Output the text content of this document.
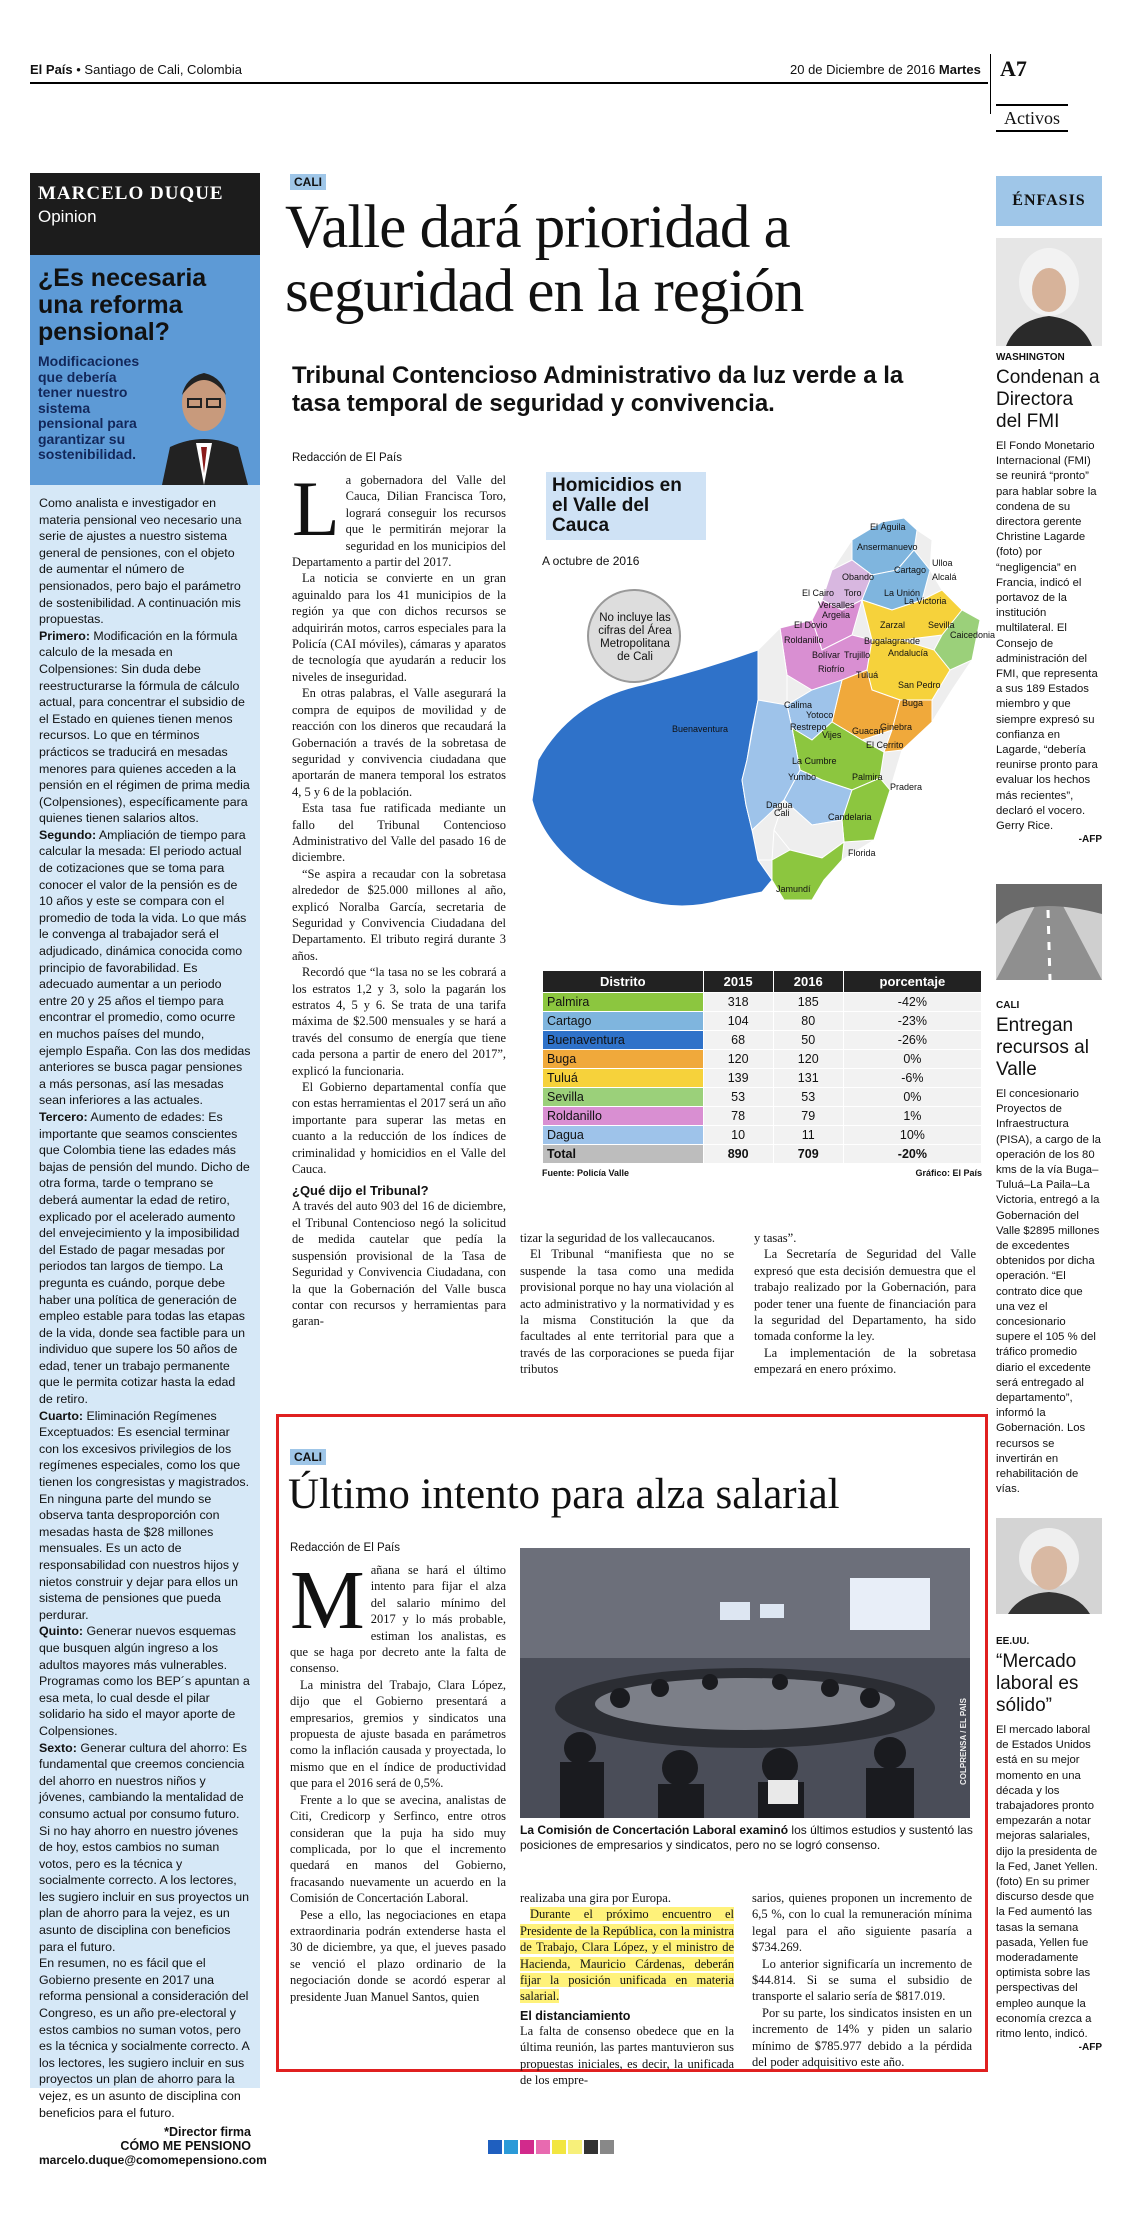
El País • Santiago de Cali, Colombia	20 de Diciembre de 2016 Martes A7
Activos
MARCELO DUQUE
Opinion
¿Es necesaria una reforma pensional?
Modificaciones que debería tener nuestro sistema pensional para garantizar su sostenibilidad.

Como analista e investigador en materia pensional veo necesario una serie de ajustes a nuestro sistema general de pensiones, con el objeto de aumentar el número de pensionados, pero bajo el parámetro de sostenibilidad. A continuación mis propuestas.

Primero: Modificación en la fórmula calculo de la mesada en Colpensiones: Sin duda debe reestructurarse la fórmula de cálculo actual, para concentrar el subsidio de el Estado en quienes tienen menos recursos. Lo que en términos prácticos se traducirá en mesadas menores para quienes acceden a la pensión en el régimen de prima media (Colpensiones), específicamente para quienes tienen salarios altos.

Segundo: Ampliación de tiempo para calcular la mesada: El periodo actual de cotizaciones que se toma para conocer el valor de la pensión es de 10 años y este se compara con el promedio de toda la vida. Lo que más le convenga al trabajador será el adjudicado, dinámica conocida como principio de favorabilidad. Es adecuado aumentar a un periodo entre 20 y 25 años el tiempo para encontrar el promedio, como ocurre en muchos países del mundo, ejemplo España. Con las dos medidas anteriores se busca pagar pensiones a más personas, así las mesadas sean inferiores a las actuales.

Tercero: Aumento de edades: Es importante que seamos conscientes que Colombia tiene las edades más bajas de pensión del mundo. Dicho de otra forma, tarde o temprano se deberá aumentar la edad de retiro, explicado por el acelerado aumento del envejecimiento y la imposibilidad del Estado de pagar mesadas por periodos tan largos de tiempo. La pregunta es cuándo, porque debe haber una política de generación de empleo estable para todas las etapas de la vida, donde sea factible para un individuo que supere los 50 años de edad, tener un trabajo permanente que le permita cotizar hasta la edad de retiro.

Cuarto: Eliminación Regímenes Exceptuados: Es esencial terminar con los excesivos privilegios de los regímenes especiales, como los que tienen los congresistas y magistrados. En ninguna parte del mundo se observa tanta desproporción con mesadas hasta de $28 millones mensuales. Es un acto de responsabilidad con nuestros hijos y nietos construir y dejar para ellos un sistema de pensiones que pueda perdurar.

Quinto: Generar nuevos esquemas que busquen algún ingreso a los adultos mayores más vulnerables. Programas como los BEP´s apuntan a esa meta, lo cual desde el pilar solidario ha sido el mayor aporte de Colpensiones.

Sexto: Generar cultura del ahorro: Es fundamental que creemos conciencia del ahorro en nuestros niños y jóvenes, cambiando la mentalidad de consumo actual por consumo futuro. Si no hay ahorro en nuestro jóvenes de hoy, estos cambios no suman votos, pero es la técnica y socialmente correcto. A los lectores, les sugiero incluir en sus proyectos un plan de ahorro para la vejez, es un asunto de disciplina con beneficios para el futuro.

En resumen, no es fácil que el Gobierno presente en 2017 una reforma pensional a consideración del Congreso, es un año pre-electoral y estos cambios no suman votos, pero es la técnica y socialmente correcto. A los lectores, les sugiero incluir en sus proyectos un plan de ahorro para la vejez, es un asunto de disciplina con beneficios para el futuro.

*Director firma
CÓMO ME PENSIONO
marcelo.duque@comomepensiono.com
CALI
Valle dará prioridad a seguridad en la región
Tribunal Contencioso Administrativo da luz verde a la tasa temporal de seguridad y convivencia.
Redacción de El País
L a gobernadora del Valle del Cauca, Dilian Francisca Toro, logrará conseguir los recursos que le permitirán mejorar la seguridad en los municipios del Departamento a partir del 2017.

La noticia se convierte en un gran aguinaldo para los 41 municipios de la región ya que con dichos recursos se adquirirán motos, carros especiales para la Policía (CAI móviles), cámaras y aparatos de tecnología que ayudarán a reducir los niveles de inseguridad.

En otras palabras, el Valle asegurará la compra de equipos de movilidad y de reacción con los dineros que recaudará la Gobernación a través de la sobretasa de seguridad y convivencia ciudadana que aportarán de manera temporal los estratos 4, 5 y 6 de la población.

Esta tasa fue ratificada mediante un fallo del Tribunal Contencioso Administrativo del Valle del pasado 16 de diciembre.

“Se aspira a recaudar con la sobretasa alrededor de $25.000 millones al año, explicó Noralba García, secretaria de Seguridad y Convivencia Ciudadana del Departamento. El tributo regirá durante 3 años.

Recordó que “la tasa no se les cobrará a los estratos 1,2 y 3, solo la pagarán los estratos 4, 5 y 6. Se trata de una tarifa máxima de $2.500 mensuales y se hará a través del consumo de energía que tiene cada persona a partir de enero del 2017”, explicó la funcionaria.

El Gobierno departamental confía que con estas herramientas el 2017 será un año importante para superar las metas en cuanto a la reducción de los índices de criminalidad y homicidios en el Valle del Cauca.

¿Qué dijo el Tribunal?

A través del auto 903 del 16 de diciembre, el Tribunal Contencioso negó la solicitud de medida cautelar que pedía la suspensión provisional de la Tasa de Seguridad y Convivencia Ciudadana, con la que la Gobernación del Valle busca contar con recursos y herramientas para garan-

Homicidios en el Valle del Cauca
A octubre de 2016
No incluye las cifras del Área Metropolitana de Cali
El Águila
Ansermanuevo
Cartago
Ulloa
Alcalá
Obando
Toro La Unión
La Victoria
Versalles
El Cairo
Argelia
El Dovio
Roldanillo
Zarzal	Sevilla
Caicedonia
Bolívar Trujillo
Bugalagrande
Andalucía
Riofrío
Tuluá
San Pedro
Buga
Calima
Yotoco
Guacarí
Ginebra
Restrepo
Vijes
El Cerrito
La Cumbre
Buenaventura
Dagua
Yumbo	Palmira
Pradera
Cali	Candelaria
Florida
Jamundí
Distrito	2015	2016	porcentaje
Palmira	318	185	-42%
Cartago	104	80	-23%
Buenaventura	68	50	-26%
Buga	120	120	0%
Tuluá	139	131	-6%
Sevilla	53	53	0%
Roldanillo	78	79	1%
Dagua	10	11	10%
Total	890	709	-20%
Fuente: Policía Valle	Gráfico: El País

tizar la seguridad de los vallecaucanos.

El Tribunal “manifiesta que no se suspende la tasa como una medida provisional porque no hay una violación al acto administrativo y la normatividad y es la misma Constitución la que da facultades al ente territorial para que a través de las corporaciones se pueda fijar tributos

y tasas”.

La Secretaría de Seguridad del Valle expresó que esta decisión demuestra que el trabajo realizado por la Gobernación, para poder tener una fuente de financiación para la seguridad del Departamento, ha sido tomada conforme la ley.

La implementación de la sobretasa empezará en enero próximo.

CALI
Último intento para alza salarial
Redacción de El País
M añana se hará el último intento para fijar el alza del salario mínimo del 2017 y lo más probable, estiman los analistas, es que se haga por decreto ante la falta de consenso.

La ministra del Trabajo, Clara López, dijo que el Gobierno presentará a empresarios, gremios y sindicatos una propuesta de ajuste basada en parámetros como la inflación causada y proyectada, lo mismo que en el índice de productividad que para el 2016 será de 0,5%.

Frente a lo que se avecina, analistas de Citi, Credicorp y Serfinco, entre otros consideran que la puja ha sido muy complicada, por lo que el incremento quedará en manos del Gobierno, fracasando nuevamente un acuerdo en la Comisión de Concertación Laboral.

Pese a ello, las negociaciones en etapa extraordinaria podrán extenderse hasta el 30 de diciembre, ya que, el jueves pasado se venció el plazo ordinario de la negociación donde se acordó esperar al presidente Juan Manuel Santos, quien

COLPRENSA / EL PAÍS
La Comisión de Concertación Laboral examinó los últimos estudios y sustentó las posiciones de empresarios y sindicatos, pero no se logró consenso.

realizaba una gira por Europa.

Durante el próximo encuentro el Presidente de la República, con la ministra de Trabajo, Clara López, y el ministro de Hacienda, Mauricio Cárdenas, deberán fijar la posición unificada en materia salarial.

El distanciamiento

La falta de consenso obedece que en la última reunión, las partes mantuvieron sus propuestas iniciales, es decir, la unificada de los empre-

sarios, quienes proponen un incremento de 6,5 %, con lo cual la remuneración mínima legal para el año siguiente pasaría a $734.269.

Lo anterior significaría un incremento de $44.814. Si se suma el subsidio de transporte el salario sería de $817.019.

Por su parte, los sindicatos insisten en un incremento de 14% y piden un salario mínimo de $785.977 debido a la pérdida del poder adquisitivo este año.

ÉNFASIS
WASHINGTON
Condenan a Directora del FMI
El Fondo Monetario Internacional (FMI) se reunirá “pronto” para hablar sobre la condena de su directora gerente Christine Lagarde (foto) por “negligencia” en Francia, indicó el portavoz de la institución multilateral. El Consejo de administración del FMI, que representa a sus 189 Estados miembro y que siempre expresó su confianza en Lagarde, “debería reunirse pronto para evaluar los hechos más recientes”, declaró el vocero. Gerry Rice.
-AFP
CALI
Entregan recursos al Valle
El concesionario Proyectos de Infraestructura (PISA), a cargo de la operación de los 80 kms de la vía Buga–Tuluá–La Paila–La Victoria, entregó a la Gobernación del Valle $2895 millones de excedentes obtenidos por dicha operación. “El contrato dice que una vez el concesionario supere el 105 % del tráfico promedio diario el excedente será entregado al departamento”, informó la Gobernación. Los recursos se invertirán en rehabilitación de vías.
EE.UU.
“Mercado laboral es sólido”
El mercado laboral de Estados Unidos está en su mejor momento en una década y los trabajadores pronto empezarán a notar mejoras salariales, dijo la presidenta de la Fed, Janet Yellen. (foto) En su primer discurso desde que la Fed aumentó las tasas la semana pasada, Yellen fue moderadamente optimista sobre las perspectivas del empleo aunque la economía crezca a ritmo lento, indicó.
-AFP
